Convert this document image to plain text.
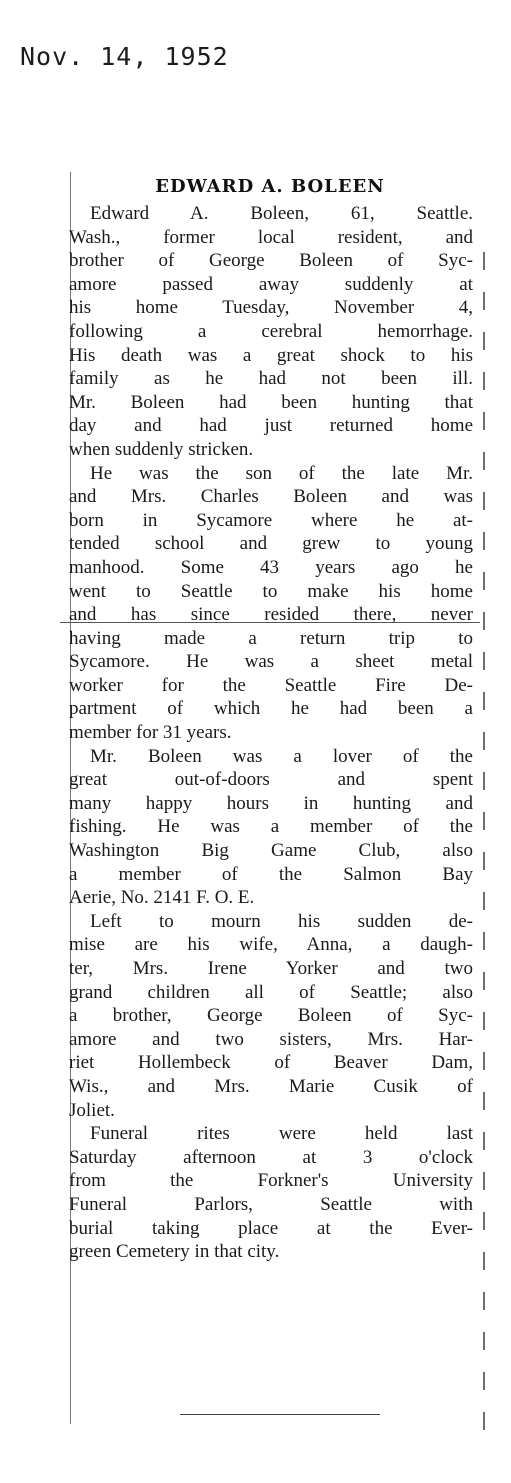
Nov. 14, 1952
EDWARD A. BOLEEN
Edward A. Boleen, 61, Seattle.
Wash., former local resident, and
brother of George Boleen of Syc-
amore passed away suddenly at
his home Tuesday, November 4,
following a cerebral hemorrhage.
His death was a great shock to his
family as he had not been ill.
Mr. Boleen had been hunting that
day and had just returned home
when suddenly stricken.
He was the son of the late Mr.
and Mrs. Charles Boleen and was
born in Sycamore where he at-
tended school and grew to young
manhood. Some 43 years ago he
went to Seattle to make his home
and has since resided there, never
having made a return trip to
Sycamore. He was a sheet metal
worker for the Seattle Fire De-
partment of which he had been a
member for 31 years.
Mr. Boleen was a lover of the
great out-of-doors and spent
many happy hours in hunting and
fishing. He was a member of the
Washington Big Game Club, also
a member of the Salmon Bay
Aerie, No. 2141 F. O. E.
Left to mourn his sudden de-
mise are his wife, Anna, a daugh-
ter, Mrs. Irene Yorker and two
grand children all of Seattle; also
a brother, George Boleen of Syc-
amore and two sisters, Mrs. Har-
riet Hollembeck of Beaver Dam,
Wis., and Mrs. Marie Cusik of
Joliet.
Funeral rites were held last
Saturday afternoon at 3 o'clock
from the Forkner's University
Funeral Parlors, Seattle with
burial taking place at the Ever-
green Cemetery in that city.
